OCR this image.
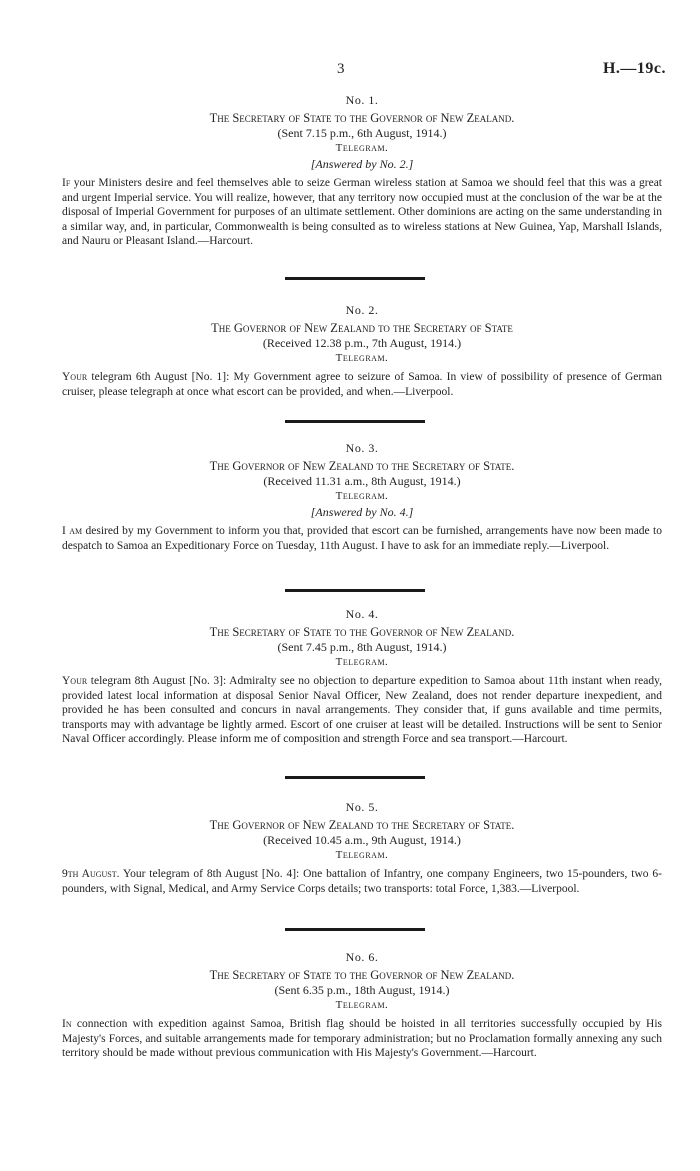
3	H.—19c.
No. 1.
The Secretary of State to the Governor of New Zealand.
(Sent 7.15 p.m., 6th August, 1914.)
Telegram.
[Answered by No. 2.]
If your Ministers desire and feel themselves able to seize German wireless station at Samoa we should feel that this was a great and urgent Imperial service. You will realize, however, that any territory now occupied must at the conclusion of the war be at the disposal of Imperial Government for purposes of an ultimate settlement. Other dominions are acting on the same understanding in a similar way, and, in particular, Commonwealth is being consulted as to wireless stations at New Guinea, Yap, Marshall Islands, and Nauru or Pleasant Island.—Harcourt.
No. 2.
The Governor of New Zealand to the Secretary of State
(Received 12.38 p.m., 7th August, 1914.)
Telegram.
Your telegram 6th August [No. 1]: My Government agree to seizure of Samoa. In view of possibility of presence of German cruiser, please telegraph at once what escort can be provided, and when.—Liverpool.
No. 3.
The Governor of New Zealand to the Secretary of State.
(Received 11.31 a.m., 8th August, 1914.)
Telegram.
[Answered by No. 4.]
I am desired by my Government to inform you that, provided that escort can be furnished, arrangements have now been made to despatch to Samoa an Expeditionary Force on Tuesday, 11th August. I have to ask for an immediate reply.—Liverpool.
No. 4.
The Secretary of State to the Governor of New Zealand.
(Sent 7.45 p.m., 8th August, 1914.)
Telegram.
Your telegram 8th August [No. 3]: Admiralty see no objection to departure expedition to Samoa about 11th instant when ready, provided latest local information at disposal Senior Naval Officer, New Zealand, does not render departure inexpedient, and provided he has been consulted and concurs in naval arrangements. They consider that, if guns available and time permits, transports may with advantage be lightly armed. Escort of one cruiser at least will be detailed. Instructions will be sent to Senior Naval Officer accordingly. Please inform me of composition and strength Force and sea transport.—Harcourt.
No. 5.
The Governor of New Zealand to the Secretary of State.
(Received 10.45 a.m., 9th August, 1914.)
Telegram.
9th August. Your telegram of 8th August [No. 4]: One battalion of Infantry, one company Engineers, two 15-pounders, two 6-pounders, with Signal, Medical, and Army Service Corps details; two transports: total Force, 1,383.—Liverpool.
No. 6.
The Secretary of State to the Governor of New Zealand.
(Sent 6.35 p.m., 18th August, 1914.)
Telegram.
In connection with expedition against Samoa, British flag should be hoisted in all territories successfully occupied by His Majesty's Forces, and suitable arrangements made for temporary administration; but no Proclamation formally annexing any such territory should be made without previous communication with His Majesty's Government.—Harcourt.
